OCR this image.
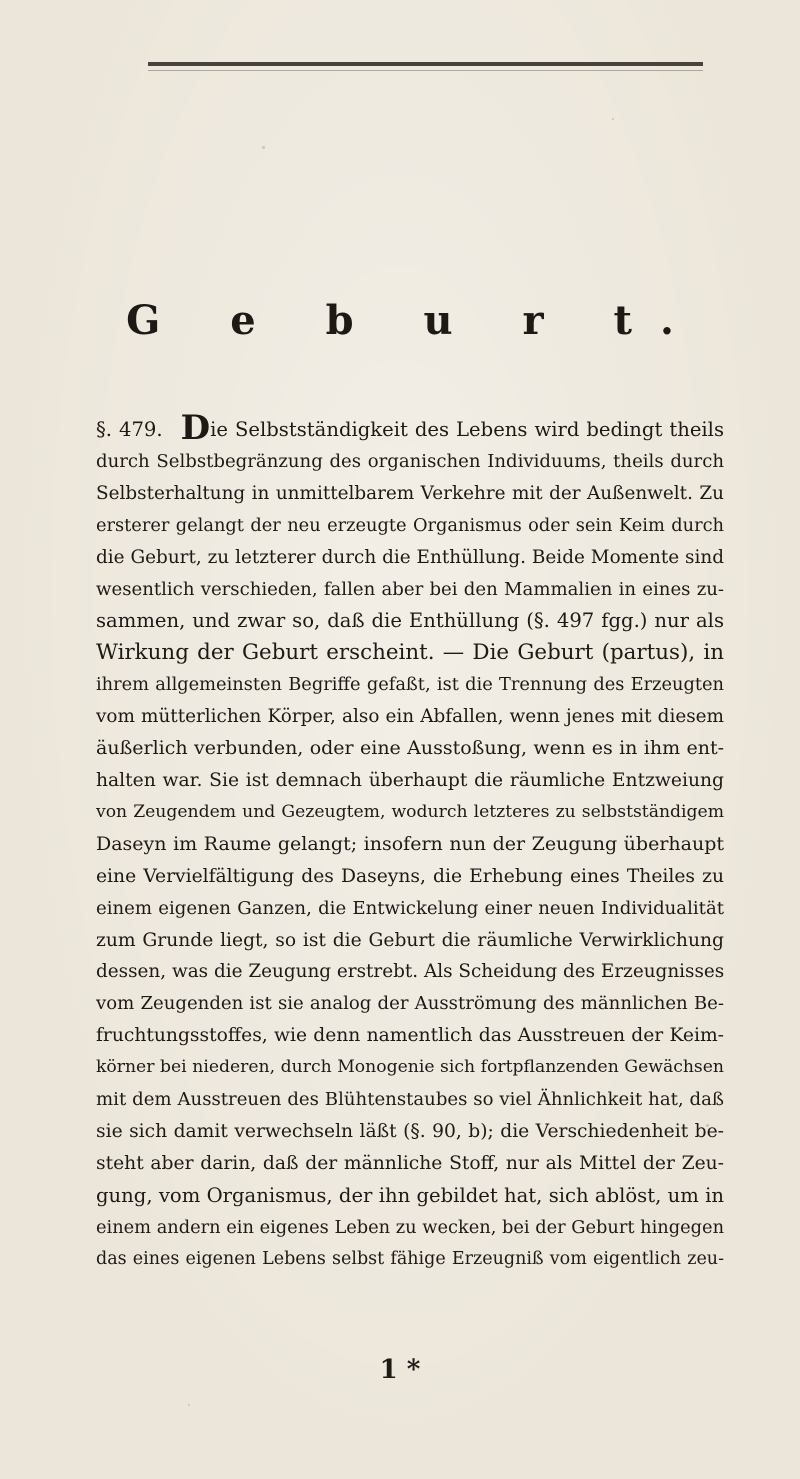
G e b u r t.
§. 479. Die Selbstständigkeit des Lebens wird bedingt theils
durch Selbstbegränzung des organischen Individuums, theils durch
Selbsterhaltung in unmittelbarem Verkehre mit der Außenwelt. Zu
ersterer gelangt der neu erzeugte Organismus oder sein Keim durch
die Geburt, zu letzterer durch die Enthüllung. Beide Momente sind
wesentlich verschieden, fallen aber bei den Mammalien in eines zu-
sammen, und zwar so, daß die Enthüllung (§. 497 fgg.) nur als
Wirkung der Geburt erscheint. — Die Geburt (partus), in
ihrem allgemeinsten Begriffe gefaßt, ist die Trennung des Erzeugten
vom mütterlichen Körper, also ein Abfallen, wenn jenes mit diesem
äußerlich verbunden, oder eine Ausstoßung, wenn es in ihm ent-
halten war. Sie ist demnach überhaupt die räumliche Entzweiung
von Zeugendem und Gezeugtem, wodurch letzteres zu selbstständigem
Daseyn im Raume gelangt; insofern nun der Zeugung überhaupt
eine Vervielfältigung des Daseyns, die Erhebung eines Theiles zu
einem eigenen Ganzen, die Entwickelung einer neuen Individualität
zum Grunde liegt, so ist die Geburt die räumliche Verwirklichung
dessen, was die Zeugung erstrebt. Als Scheidung des Erzeugnisses
vom Zeugenden ist sie analog der Ausströmung des männlichen Be-
fruchtungsstoffes, wie denn namentlich das Ausstreuen der Keim-
körner bei niederen, durch Monogenie sich fortpflanzenden Gewächsen
mit dem Ausstreuen des Blühtenstaubes so viel Ähnlichkeit hat, daß
sie sich damit verwechseln läßt (§. 90, b); die Verschiedenheit be-
steht aber darin, daß der männliche Stoff, nur als Mittel der Zeu-
gung, vom Organismus, der ihn gebildet hat, sich ablöst, um in
einem andern ein eigenes Leben zu wecken, bei der Geburt hingegen
das eines eigenen Lebens selbst fähige Erzeugniß vom eigentlich zeu-
1 *
